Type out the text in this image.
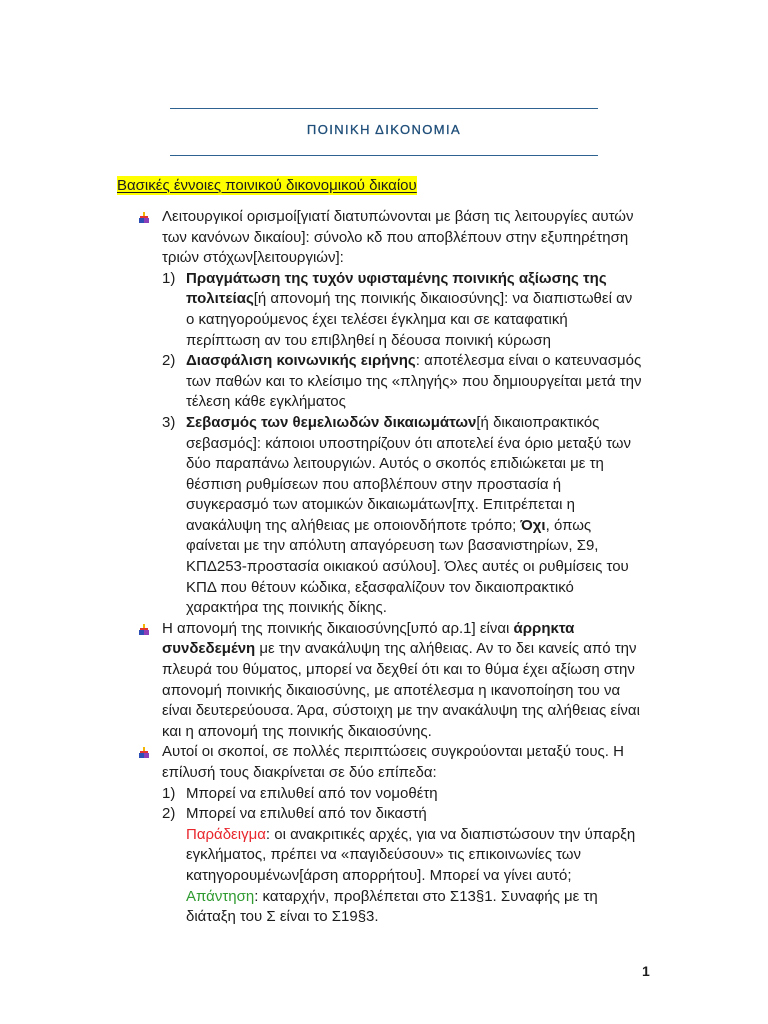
ΠΟΙΝΙΚΗ ΔΙΚΟΝΟΜΙΑ
Βασικές έννοιες ποινικού δικονομικού δικαίου
Λειτουργικοί ορισμοί[γιατί διατυπώνονται με βάση τις λειτουργίες αυτών των κανόνων δικαίου]: σύνολο κδ που αποβλέπουν στην εξυπηρέτηση τριών στόχων[λειτουργιών]:
1) Πραγμάτωση της τυχόν υφισταμένης ποινικής αξίωσης της πολιτείας[ή απονομή της ποινικής δικαιοσύνης]: να διαπιστωθεί αν ο κατηγορούμενος έχει τελέσει έγκλημα και σε καταφατική περίπτωση αν του επιβληθεί η δέουσα ποινική κύρωση
2) Διασφάλιση κοινωνικής ειρήνης: αποτέλεσμα είναι ο κατευνασμός των παθών και το κλείσιμο της «πληγής» που δημιουργείται μετά την τέλεση κάθε εγκλήματος
3) Σεβασμός των θεμελιωδών δικαιωμάτων[ή δικαιοπρακτικός σεβασμός]: κάποιοι υποστηρίζουν ότι αποτελεί ένα όριο μεταξύ των δύο παραπάνω λειτουργιών. Αυτός ο σκοπός επιδιώκεται με τη θέσπιση ρυθμίσεων που αποβλέπουν στην προστασία ή συγκερασμό των ατομικών δικαιωμάτων[πχ. Επιτρέπεται η ανακάλυψη της αλήθειας με οποιονδήποτε τρόπο; Όχι, όπως φαίνεται με την απόλυτη απαγόρευση των βασανιστηρίων, Σ9, ΚΠΔ253-προστασία οικιακού ασύλου]. Όλες αυτές οι ρυθμίσεις του ΚΠΔ που θέτουν κώδικα, εξασφαλίζουν τον δικαιοπρακτικό χαρακτήρα της ποινικής δίκης.
Η απονομή της ποινικής δικαιοσύνης[υπό αρ.1] είναι άρρηκτα συνδεδεμένη με την ανακάλυψη της αλήθειας. Αν το δει κανείς από την πλευρά του θύματος, μπορεί να δεχθεί ότι και το θύμα έχει αξίωση στην απονομή ποινικής δικαιοσύνης, με αποτέλεσμα η ικανοποίηση του να είναι δευτερεύουσα. Άρα, σύστοιχη με την ανακάλυψη της αλήθειας είναι και η απονομή της ποινικής δικαιοσύνης.
Αυτοί οι σκοποί, σε πολλές περιπτώσεις συγκρούονται μεταξύ τους. Η επίλυσή τους διακρίνεται σε δύο επίπεδα:
1) Μπορεί να επιλυθεί από τον νομοθέτη
2) Μπορεί να επιλυθεί από τον δικαστή
Παράδειγμα: οι ανακριτικές αρχές, για να διαπιστώσουν την ύπαρξη εγκλήματος, πρέπει να «παγιδεύσουν» τις επικοινωνίες των κατηγορουμένων[άρση απορρήτου]. Μπορεί να γίνει αυτό;
Απάντηση: καταρχήν, προβλέπεται στο Σ13§1. Συναφής με τη διάταξη του Σ είναι το Σ19§3.
1
